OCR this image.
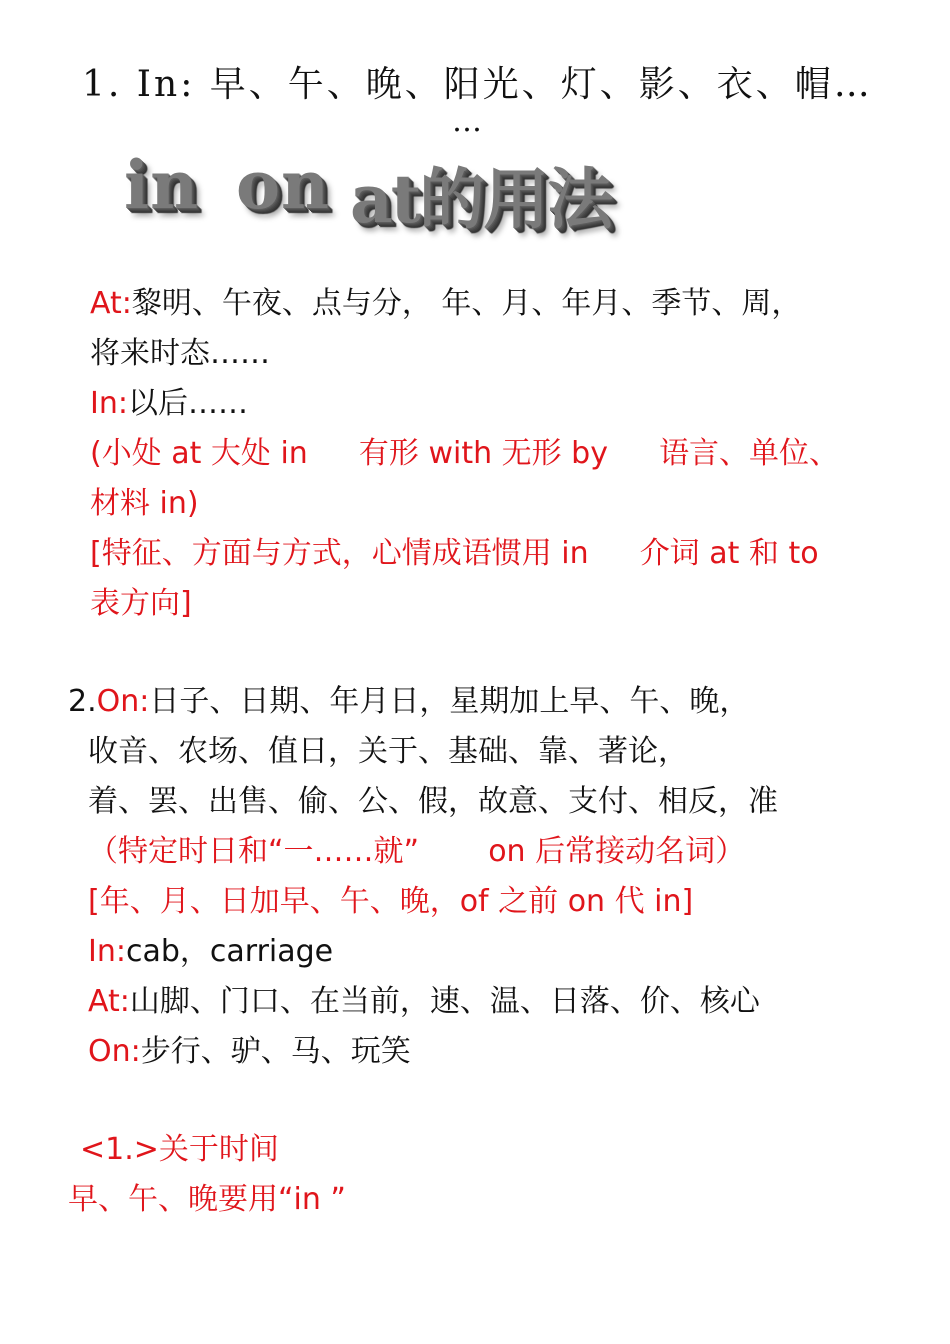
1. In: 早、午、晚、阳光、灯、影、衣、帽…
…
in on at的用法
At:黎明、午夜、点与分， 年、月、年月、季节、周，
将来时态……
In:以后……
(小处 at 大处 in 有形 with 无形 by 语言、单位、
材料 in)
[特征、方面与方式，心情成语惯用 in 介词 at 和 to
表方向]
2.On:日子、日期、年月日，星期加上早、午、晚，
收音、农场、值日，关于、基础、靠、著论，
着、罢、出售、偷、公、假，故意、支付、相反，准
（特定时日和“一……就” on 后常接动名词）
[年、月、日加早、午、晚，of 之前 on 代 in]
In:cab，carriage
At:山脚、门口、在当前，速、温、日落、价、核心
On:步行、驴、马、玩笑
<1.>关于时间
早、午、晚要用“in ”
